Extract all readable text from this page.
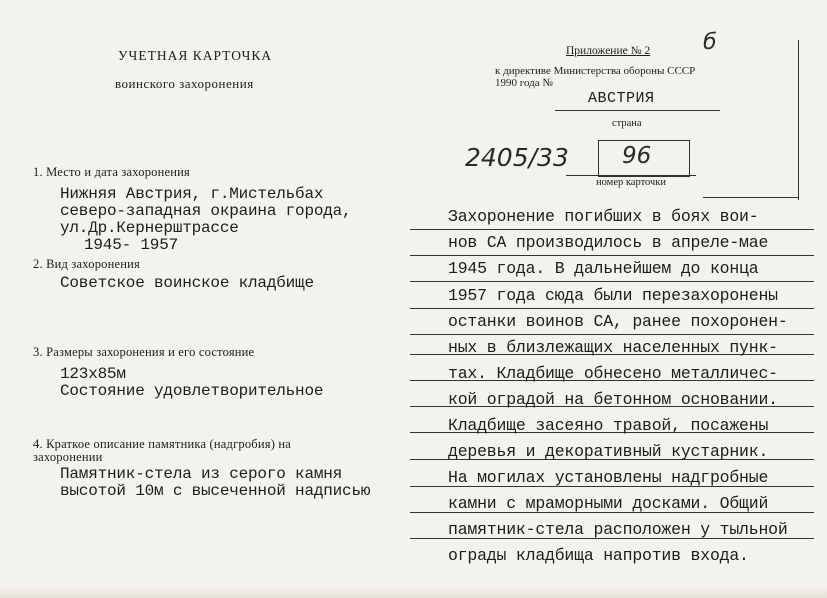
УЧЕТНАЯ КАРТОЧКА
воинского захоронения
Приложение № 2
к директиве Министерства обороны СССР
1990 года №
АВСТРИЯ
страна
номер карточки
б
2405/33 96
1. Место и дата захоронения
Нижняя Австрия, г.Мистельбах
северо-западная окраина города,
ул.Др.Кернерштрассе
1945- 1957
2. Вид захоронения
Советское воинское кладбище
3. Размеры захоронения и его состояние
123х85м
Состояние удовлетворительное
4. Краткое описание памятника (надгробия) на захоронении
Памятник-стела из серого камня
высотой 10м с высеченной надписью
Захоронение погибших в боях вои-
нов СА производилось в апреле-мае
1945 года. В дальнейшем до конца
1957 года сюда были перезахоронены
останки воинов СА, ранее похоронен-
ных в близлежащих населенных пунк-
тах. Кладбище обнесено металличес-
кой оградой на бетонном основании.
Кладбище засеяно травой, посажены
деревья и декоративный кустарник.
На могилах установлены надгробные
камни с мраморными досками. Общий
памятник-стела расположен у тыльной
ограды кладбища напротив входа.
